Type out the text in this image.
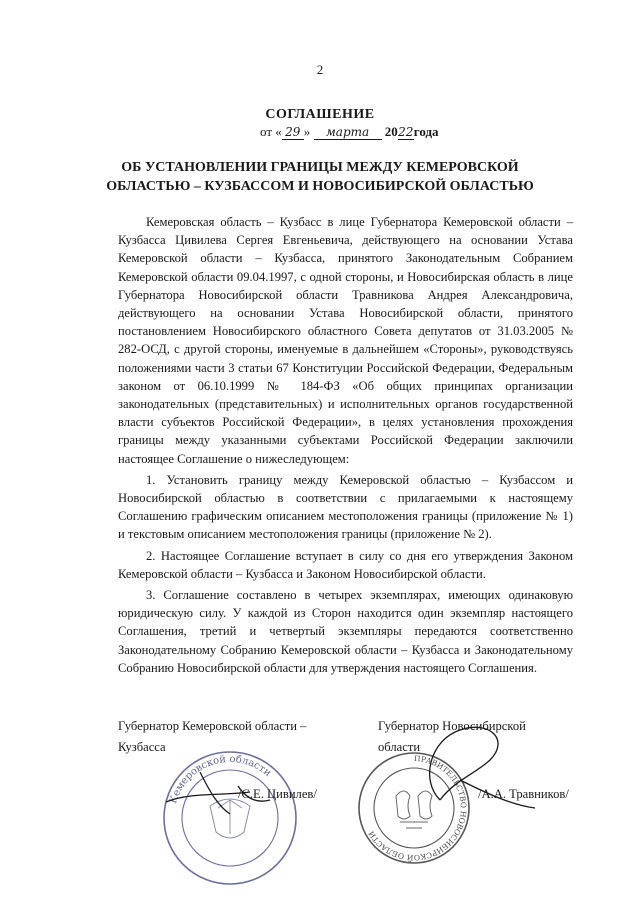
2
СОГЛАШЕНИЕ
от « 29 » марта 2022года
ОБ УСТАНОВЛЕНИИ ГРАНИЦЫ МЕЖДУ КЕМЕРОВСКОЙ
ОБЛАСТЬЮ – КУЗБАССОМ И НОВОСИБИРСКОЙ ОБЛАСТЬЮ

Кемеровская область – Кузбасс в лице Губернатора Кемеровской области – Кузбасса Цивилева Сергея Евгеньевича, действующего на основании Устава Кемеровской области – Кузбасса, принятого Законодательным Собранием Кемеровской области 09.04.1997, с одной стороны, и Новосибирская область в лице Губернатора Новосибирской области Травникова Андрея Александровича, действующего на основании Устава Новосибирской области, принятого постановлением Новосибирского областного Совета депутатов от 31.03.2005 № 282-ОСД, с другой стороны, именуемые в дальнейшем «Стороны», руководствуясь положениями части 3 статьи 67 Конституции Российской Федерации, Федеральным законом от 06.10.1999 № 184-ФЗ «Об общих принципах организации законодательных (представительных) и исполнительных органов государственной власти субъектов Российской Федерации», в целях установления прохождения границы между указанными субъектами Российской Федерации заключили настоящее Соглашение о нижеследующем:

1. Установить границу между Кемеровской областью – Кузбассом и Новосибирской областью в соответствии с прилагаемыми к настоящему Соглашению графическим описанием местоположения границы (приложение № 1) и текстовым описанием местоположения границы (приложение № 2).

2. Настоящее Соглашение вступает в силу со дня его утверждения Законом Кемеровской области – Кузбасса и Законом Новосибирской области.

3. Соглашение составлено в четырех экземплярах, имеющих одинаковую юридическую силу. У каждой из Сторон находится один экземпляр настоящего Соглашения, третий и четвертый экземпляры передаются соответственно Законодательному Собранию Кемеровской области – Кузбасса и Законодательному Собранию Новосибирской области для утверждения настоящего Соглашения.

Кемеровской области
ПРАВИТЕЛЬСТВО НОВОСИБИРСКОЙ ОБЛАСТИ
Губернатор Кемеровской области –
Кузбасса
/С.Е. Цивилев/
Губернатор Новосибирской
области
/А.А. Травников/
